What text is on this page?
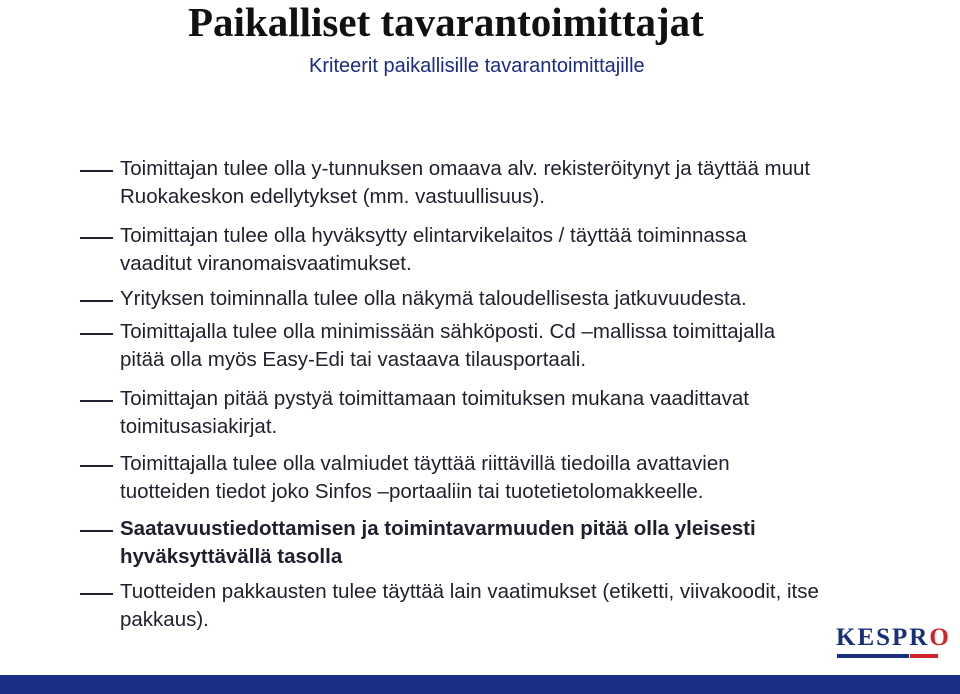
Paikalliset tavarantoimittajat
Kriteerit paikallisille tavarantoimittajille
Toimittajan tulee olla y-tunnuksen omaava alv. rekisteröitynyt ja täyttää muut
Ruokakeskon edellytykset (mm. vastuullisuus).
Toimittajan tulee olla hyväksytty elintarvikelaitos / täyttää toiminnassa
vaaditut viranomaisvaatimukset.
Yrityksen toiminnalla tulee olla näkymä taloudellisesta jatkuvuudesta.
Toimittajalla tulee olla minimissään sähköposti. Cd –mallissa toimittajalla
pitää olla myös Easy-Edi tai vastaava tilausportaali.
Toimittajan pitää pystyä toimittamaan toimituksen mukana vaadittavat
toimitusasiakirjat.
Toimittajalla tulee olla valmiudet täyttää riittävillä tiedoilla avattavien
tuotteiden tiedot joko Sinfos –portaaliin tai tuotetietolomakkeelle.
Saatavuustiedottamisen ja toimintavarmuuden pitää olla yleisesti
hyväksyttävällä tasolla
Tuotteiden pakkausten tulee täyttää lain vaatimukset (etiketti, viivakoodit, itse
pakkaus).
KESPRO
